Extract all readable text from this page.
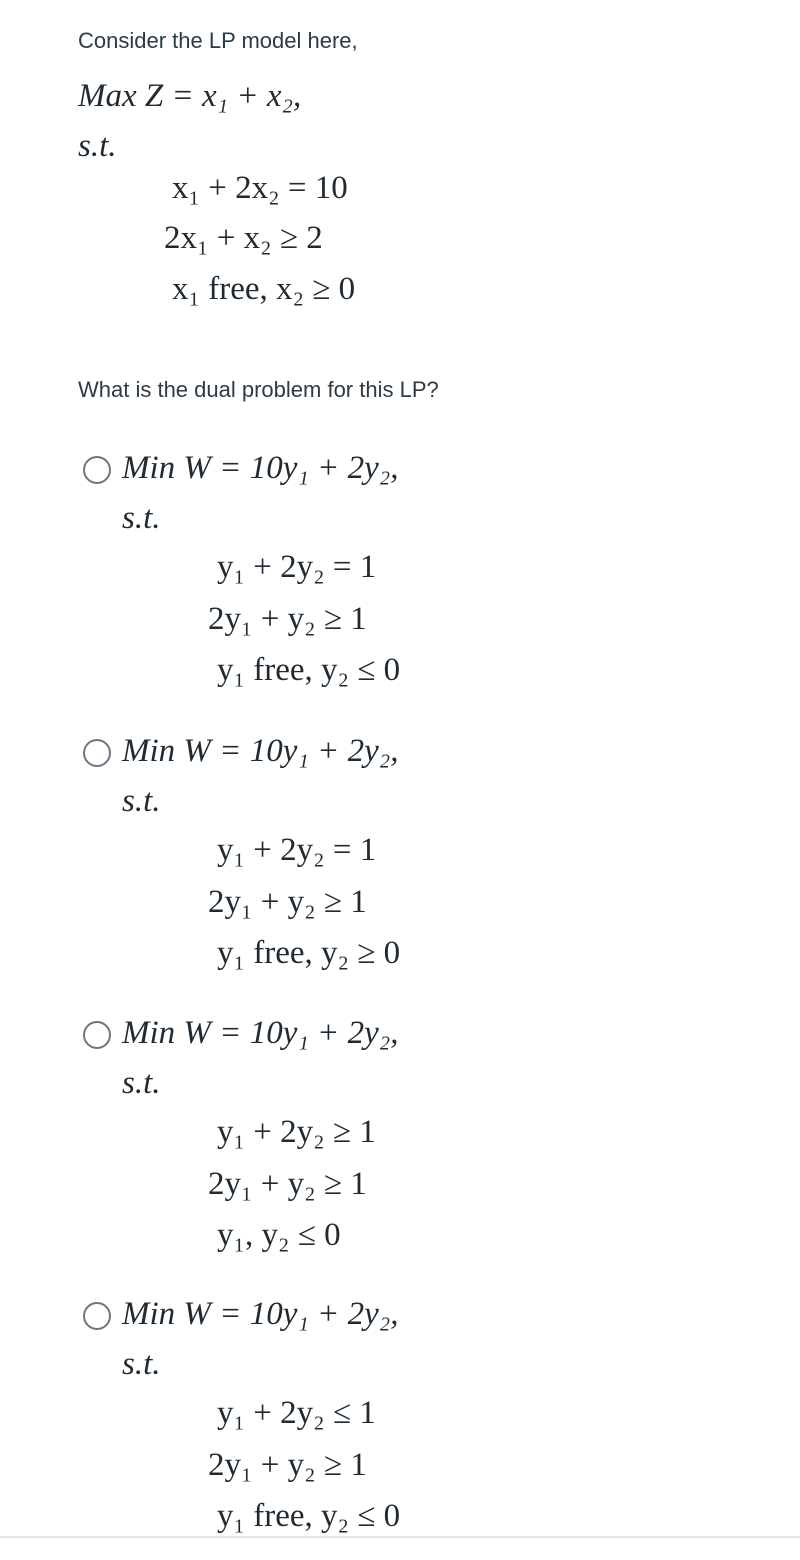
Consider the LP model here,
Max Z = x₁ + x₂,
s.t.
x₁ + 2x₂ = 10
2x₁ + x₂ ≥ 2
x₁ free, x₂ ≥ 0
What is the dual problem for this LP?
Min W = 10y₁ + 2y₂,
s.t.
y₁ + 2y₂ = 1
2y₁ + y₂ ≥ 1
y₁ free, y₂ ≤ 0
Min W = 10y₁ + 2y₂,
s.t.
y₁ + 2y₂ = 1
2y₁ + y₂ ≥ 1
y₁ free, y₂ ≥ 0
Min W = 10y₁ + 2y₂,
s.t.
y₁ + 2y₂ ≥ 1
2y₁ + y₂ ≥ 1
y₁, y₂ ≤ 0
Min W = 10y₁ + 2y₂,
s.t.
y₁ + 2y₂ ≤ 1
2y₁ + y₂ ≥ 1
y₁ free, y₂ ≤ 0
